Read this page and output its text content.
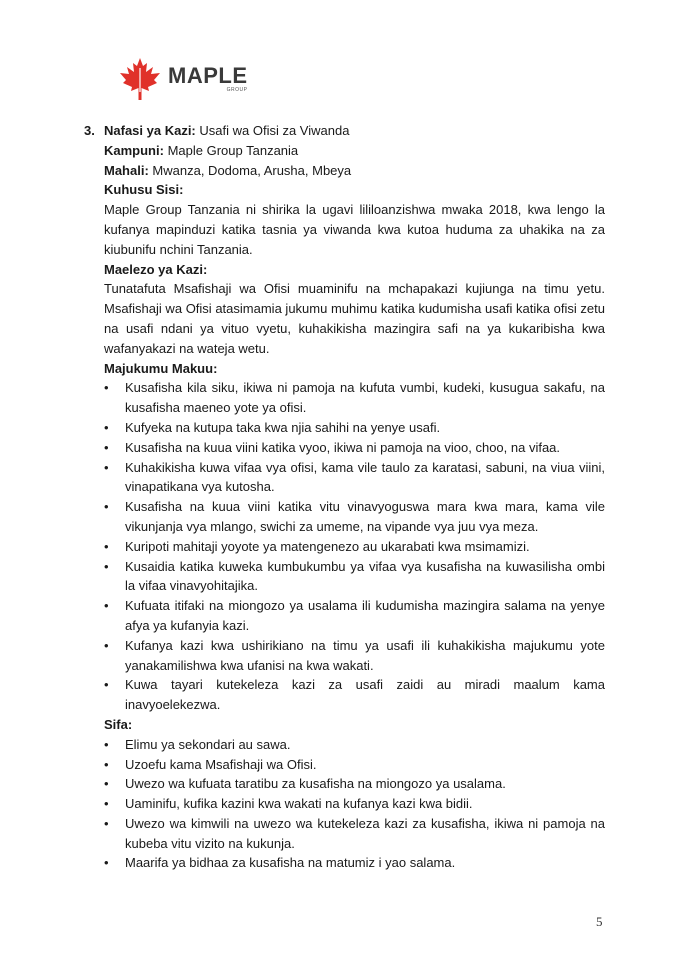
MAPLE
GROUP
3. Nafasi ya Kazi: Usafi wa Ofisi za Viwanda

Kampuni: Maple Group Tanzania

Mahali: Mwanza, Dodoma, Arusha, Mbeya

Kuhusu Sisi:

Maple Group Tanzania ni shirika la ugavi lililoanzishwa mwaka 2018, kwa lengo la kufanya mapinduzi katika tasnia ya viwanda kwa kutoa huduma za uhakika na za kiubunifu nchini Tanzania.

Maelezo ya Kazi:

Tunatafuta Msafishaji wa Ofisi muaminifu na mchapakazi kujiunga na timu yetu. Msafishaji wa Ofisi atasimamia jukumu muhimu katika kudumisha usafi katika ofisi zetu na usafi ndani ya vituo vyetu, kuhakikisha mazingira safi na ya kukaribisha kwa wafanyakazi na wateja wetu.

Majukumu Makuu:

• Kusafisha kila siku, ikiwa ni pamoja na kufuta vumbi, kudeki, kusugua sakafu, na kusafisha maeneo yote ya ofisi.
• Kufyeka na kutupa taka kwa njia sahihi na yenye usafi.
• Kusafisha na kuua viini katika vyoo, ikiwa ni pamoja na vioo, choo, na vifaa.
• Kuhakikisha kuwa vifaa vya ofisi, kama vile taulo za karatasi, sabuni, na viua viini, vinapatikana vya kutosha.
• Kusafisha na kuua viini katika vitu vinavyoguswa mara kwa mara, kama vile vikunjanja vya mlango, swichi za umeme, na vipande vya juu vya meza.
• Kuripoti mahitaji yoyote ya matengenezo au ukarabati kwa msimamizi.
• Kusaidia katika kuweka kumbukumbu ya vifaa vya kusafisha na kuwasilisha ombi la vifaa vinavyohitajika.
• Kufuata itifaki na miongozo ya usalama ili kudumisha mazingira salama na yenye afya ya kufanyia kazi.
• Kufanya kazi kwa ushirikiano na timu ya usafi ili kuhakikisha majukumu yote yanakamilishwa kwa ufanisi na kwa wakati.
• Kuwa tayari kutekeleza kazi za usafi zaidi au miradi maalum kama inavyoelekezwa.

Sifa:

• Elimu ya sekondari au sawa.
• Uzoefu kama Msafishaji wa Ofisi.
• Uwezo wa kufuata taratibu za kusafisha na miongozo ya usalama.
• Uaminifu, kufika kazini kwa wakati na kufanya kazi kwa bidii.
• Uwezo wa kimwili na uwezo wa kutekeleza kazi za kusafisha, ikiwa ni pamoja na kubeba vitu vizito na kukunja.
• Maarifa ya bidhaa za kusafisha na matumiz i yao salama.
5
